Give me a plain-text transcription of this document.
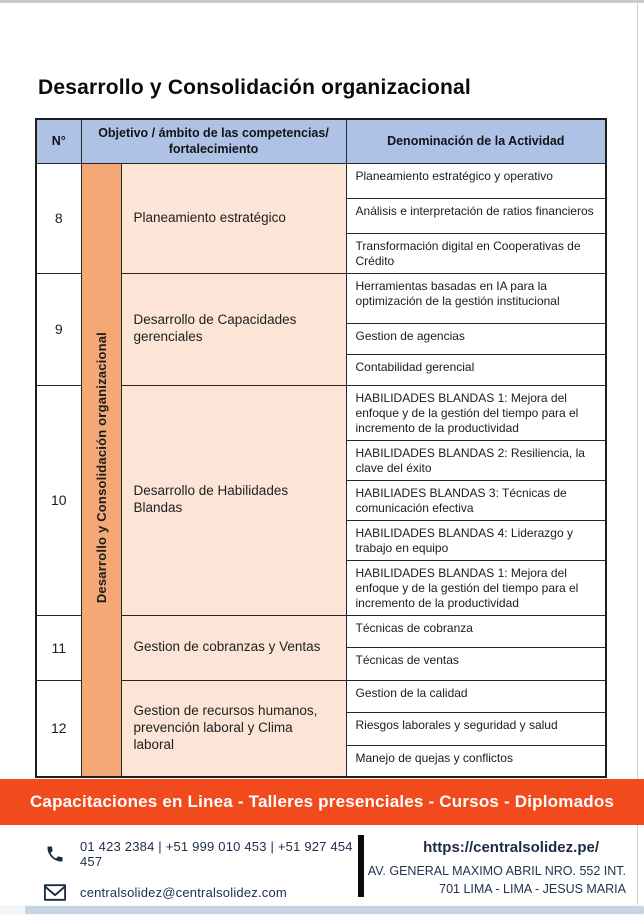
Desarrollo y Consolidación organizacional
N°	Objetivo / ámbito de las competencias/ fortalecimiento		Denominación de la Actividad
8	Desarrollo y Consolidación organizacional	Planeamiento estratégico	Planeamiento estratégico y operativo
			Análisis e interpretación de ratios financieros
			Transformación digital en Cooperativas de Crédito
9		Desarrollo de Capacidades gerenciales	Herramientas basadas en IA para la optimización de la gestión institucional
			Gestion de agencias
			Contabilidad gerencial
10		Desarrollo de Habilidades Blandas	HABILIDADES BLANDAS 1: Mejora del enfoque y de la gestión del tiempo para el incremento de la productividad
			HABILIDADES BLANDAS 2: Resiliencia, la clave del éxito
			HABILIADES BLANDAS 3: Técnicas de comunicación efectiva
			HABILIDADES BLANDAS 4: Liderazgo y trabajo en equipo
			HABILIDADES BLANDAS 1: Mejora del enfoque y de la gestión del tiempo para el incremento de la productividad
11		Gestion de cobranzas y Ventas	Técnicas de cobranza
			Técnicas de ventas
12		Gestion de recursos humanos, prevención laboral y Clima laboral	Gestion de la calidad
			Riesgos laborales y seguridad y salud
			Manejo de quejas y conflictos
Capacitaciones en Linea - Talleres presenciales - Cursos - Diplomados
01 423 2384 | +51 999 010 453 | +51 927 454 457
centralsolidez@centralsolidez.com
https://centralsolidez.pe/
AV. GENERAL MAXIMO ABRIL NRO. 552 INT.
701 LIMA - LIMA - JESUS MARIA
